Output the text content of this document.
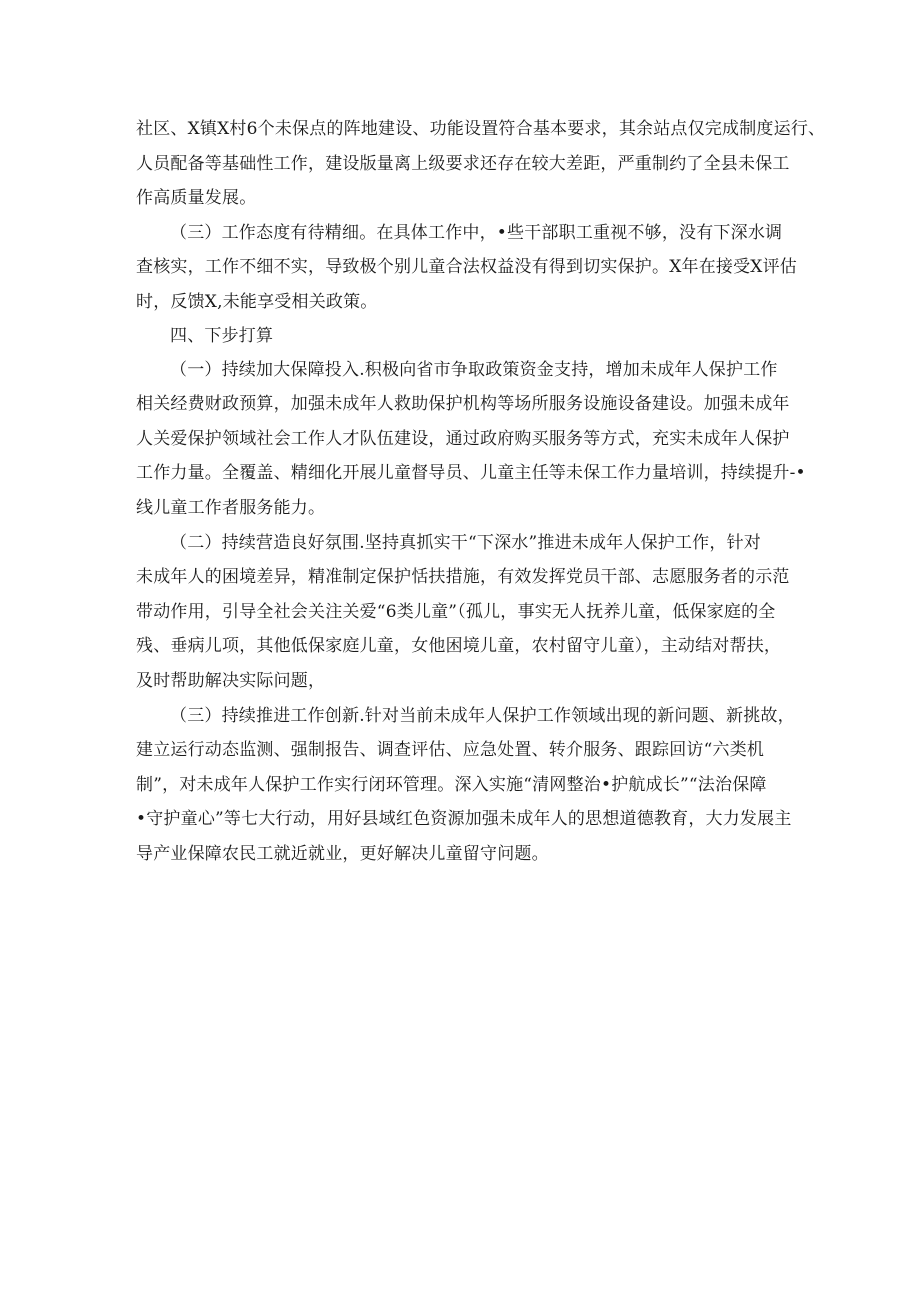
社区、X镇X村6个未保点的阵地建设、功能设置符合基本要求，其余站点仅完成制度运行、
人员配备等基础性工作，建设版量离上级要求还存在较大差距，严重制约了全县未保工
作高质量发展。
（三）工作态度有待精细。在具体工作中，•些干部职工重视不够，没有下深水调
查核实，工作不细不实，导致极个别儿童合法权益没有得到切实保护。X年在接受X评估
时，反馈X,未能享受相关政策。
四、下步打算
（一）持续加大保障投入.积极向省市争取政策资金支持，增加未成年人保护工作
相关经费财政预算，加强未成年人救助保护机构等场所服务设施设备建设。加强未成年
人关爱保护领域社会工作人才队伍建设，通过政府购买服务等方式，充实未成年人保护
工作力量。全覆盖、精细化开展儿童督导员、儿童主任等未保工作力量培训，持续提升-•
线儿童工作者服务能力。
（二）持续营造良好氛围.坚持真抓实干“下深水”推进未成年人保护工作，针对
未成年人的困境差异，精准制定保护恬扶措施，有效发挥党员干部、志愿服务者的示范
带动作用，引导全社会关注关爱“6类儿童”（孤儿，事实无人抚养儿童，低保家庭的全
残、垂病儿项，其他低保家庭儿童，女他困境儿童，农村留守儿童），主动结对帮扶，
及时帮助解决实际问题，
（三）持续推进工作创新.针对当前未成年人保护工作领域出现的新问题、新挑故，
建立运行动态监测、强制报告、调查评估、应急处置、转介服务、跟踪回访“六类机
制”，对未成年人保护工作实行闭环管理。深入实施“清网整治•护航成长”“法治保障
•守护童心”等七大行动，用好县域红色资源加强未成年人的思想道德教育，大力发展主
导产业保障农民工就近就业，更好解决儿童留守问题。
